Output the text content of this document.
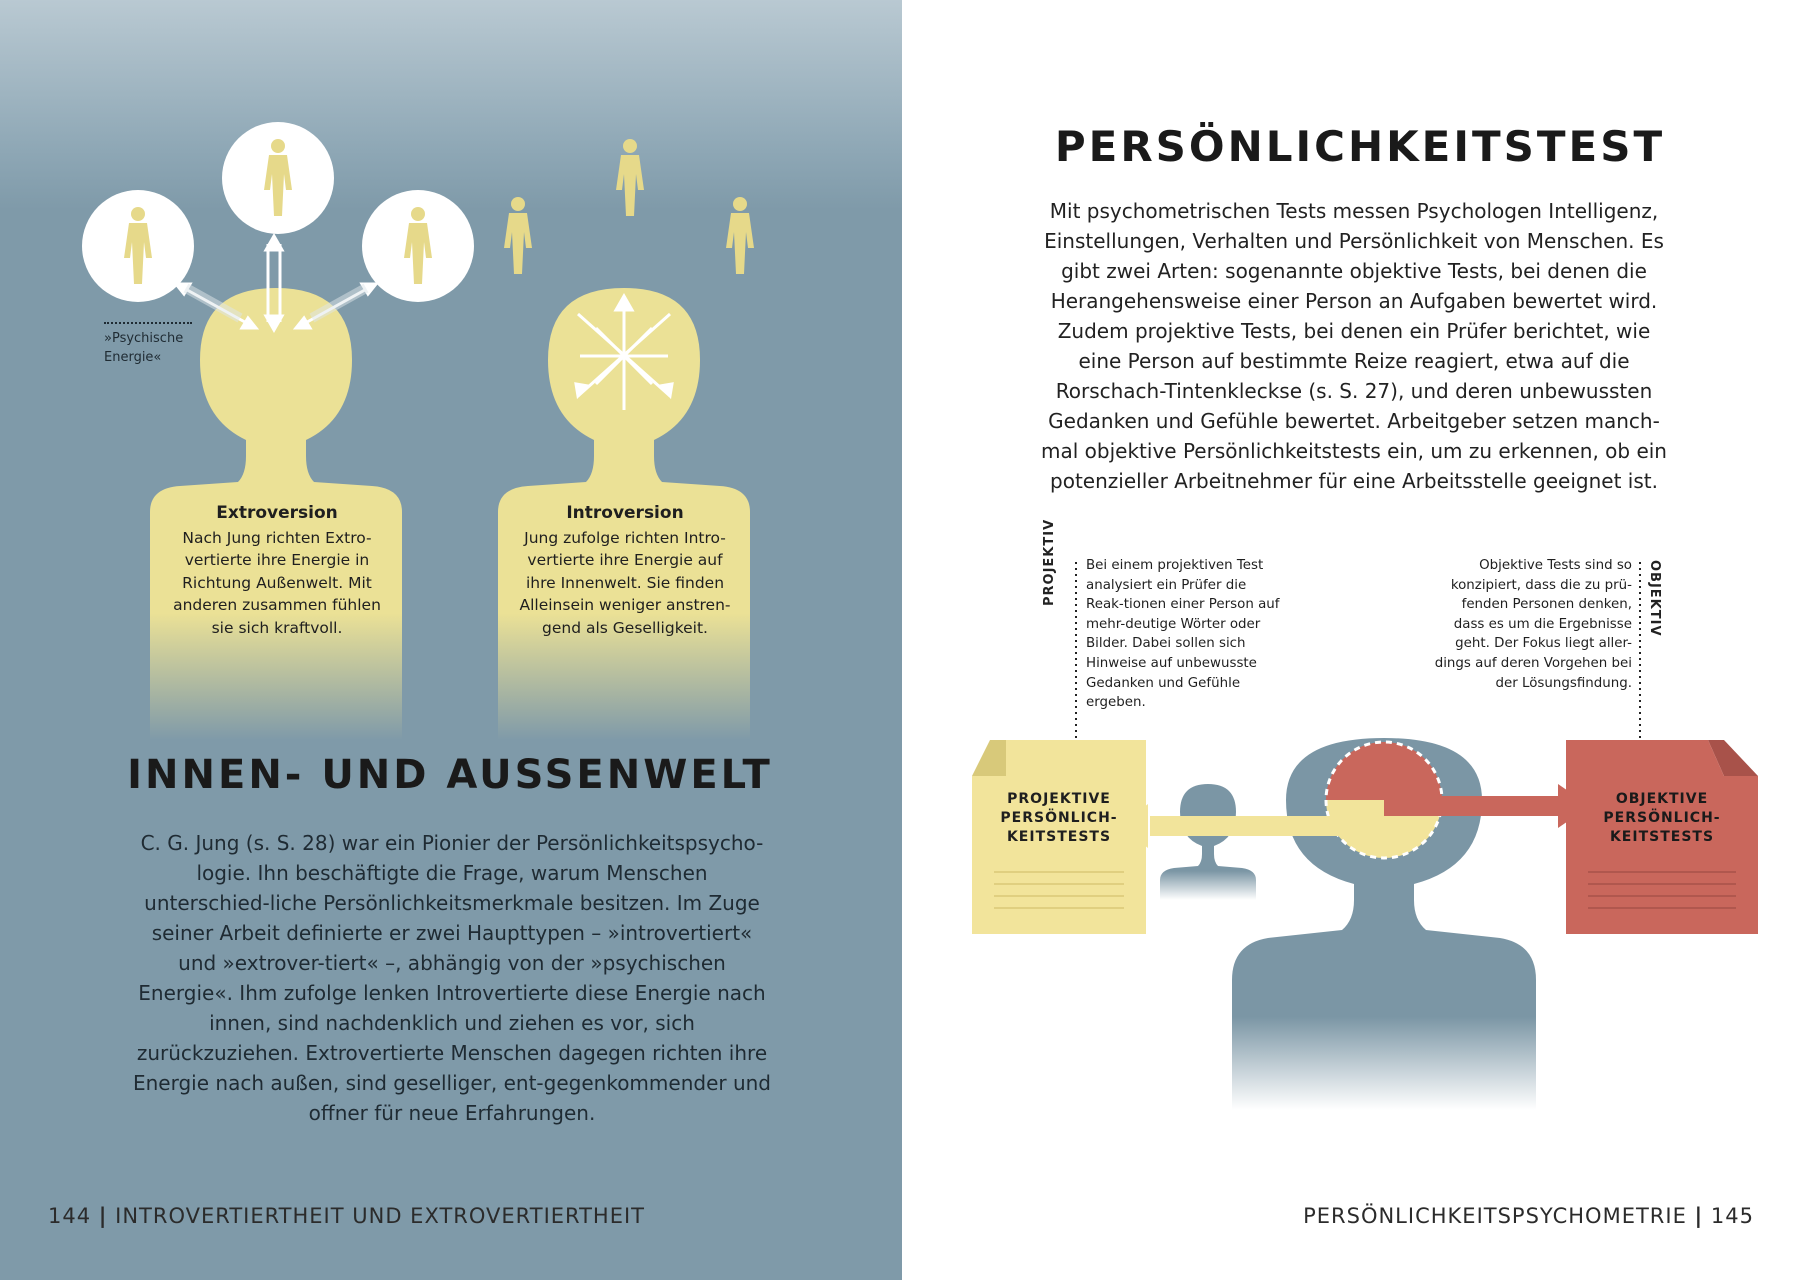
»Psychische Energie«
Extroversion
Nach Jung richten Extro-vertierte ihre Energie in Richtung Außenwelt. Mit anderen zusammen fühlen sie sich kraftvoll.
Introversion
Jung zufolge richten Intro-vertierte ihre Energie auf ihre Innenwelt. Sie finden Alleinsein weniger anstren-gend als Geselligkeit.
INNEN- UND AUSSENWELT
C. G. Jung (s. S. 28) war ein Pionier der Persönlichkeitspsycho-logie. Ihn beschäftigte die Frage, warum Menschen unterschied-liche Persönlichkeitsmerkmale besitzen. Im Zuge seiner Arbeit definierte er zwei Haupttypen – »introvertiert« und »extrover-tiert« –, abhängig von der »psychischen Energie«. Ihm zufolge lenken Introvertierte diese Energie nach innen, sind nachdenklich und ziehen es vor, sich zurückzuziehen. Extrovertierte Menschen dagegen richten ihre Energie nach außen, sind geselliger, ent-gegenkommender und offner für neue Erfahrungen.
144 | INTROVERTIERTHEIT UND EXTROVERTIERTHEIT
PERSÖNLICHKEITSTEST
Mit psychometrischen Tests messen Psychologen Intelligenz, Einstellungen, Verhalten und Persönlichkeit von Menschen. Es gibt zwei Arten: sogenannte objektive Tests, bei denen die Herangehensweise einer Person an Aufgaben bewertet wird. Zudem projektive Tests, bei denen ein Prüfer berichtet, wie eine Person auf bestimmte Reize reagiert, etwa auf die Rorschach-Tintenkleckse (s. S. 27), und deren unbewussten Gedanken und Gefühle bewertet. Arbeitgeber setzen manch-mal objektive Persönlichkeitstests ein, um zu erkennen, ob ein potenzieller Arbeitnehmer für eine Arbeitsstelle geeignet ist.
PROJEKTIV	OBJEKTIV
Bei einem projektiven Test analysiert ein Prüfer die Reak-tionen einer Person auf mehr-deutige Wörter oder Bilder. Dabei sollen sich Hinweise auf unbewusste Gedanken und Gefühle ergeben.
Objektive Tests sind so konzipiert, dass die zu prü-fenden Personen denken, dass es um die Ergebnisse geht. Der Fokus liegt aller-dings auf deren Vorgehen bei der Lösungsfindung.
PROJEKTIVE PERSÖNLICH-KEITSTESTS
OBJEKTIVE PERSÖNLICH-KEITSTESTS
PERSÖNLICHKEITSPSYCHOMETRIE | 145
